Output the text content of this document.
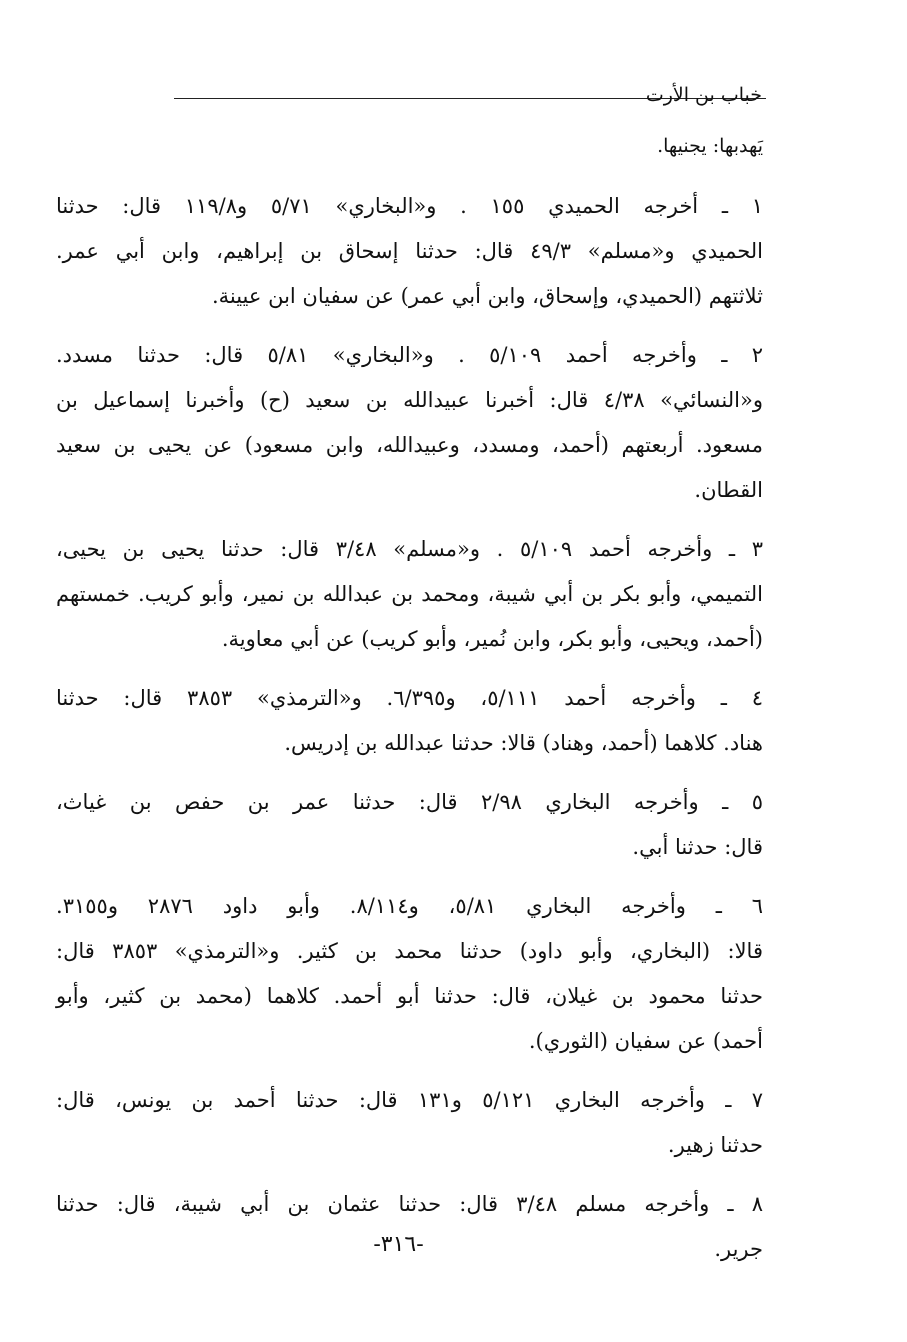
خباب بن الأرت
يَهدبها: يجنيها.
١ ـ أخرجه الحميدي ١٥٥ . و«البخاري» ٥/٧١ و١١٩/٨ قال: حدثنا
الحميدي و«مسلم» ٤٩/٣ قال: حدثنا إسحاق بن إبراهيم، وابن أبي عمر.
ثلاثتهم (الحميدي، وإسحاق، وابن أبي عمر) عن سفيان ابن عيينة.
٢ ـ وأخرجه أحمد ٥/١٠٩ . و«البخاري» ٥/٨١ قال: حدثنا مسدد.
و«النسائي» ٤/٣٨ قال: أخبرنا عبيدالله بن سعيد (ح) وأخبرنا إسماعيل بن
مسعود. أربعتهم (أحمد، ومسدد، وعبيدالله، وابن مسعود) عن يحيى بن سعيد
القطان.
٣ ـ وأخرجه أحمد ٥/١٠٩ . و«مسلم» ٣/٤٨ قال: حدثنا يحيى بن يحيى،
التميمي، وأبو بكر بن أبي شيبة، ومحمد بن عبدالله بن نمير، وأبو كريب. خمستهم
(أحمد، ويحيى، وأبو بكر، وابن نُمير، وأبو كريب) عن أبي معاوية.
٤ ـ وأخرجه أحمد ٥/١١١، و٦/٣٩٥. و«الترمذي» ٣٨٥٣ قال: حدثنا
هناد. كلاهما (أحمد، وهناد) قالا: حدثنا عبدالله بن إدريس.
٥ ـ وأخرجه البخاري ٢/٩٨ قال: حدثنا عمر بن حفص بن غياث،
قال: حدثنا أبي.
٦ ـ وأخرجه البخاري ٥/٨١، و٨/١١٤. وأبو داود ٢٨٧٦ و٣١٥٥.
قالا: (البخاري، وأبو داود) حدثنا محمد بن كثير. و«الترمذي» ٣٨٥٣ قال:
حدثنا محمود بن غيلان، قال: حدثنا أبو أحمد. كلاهما (محمد بن كثير، وأبو
أحمد) عن سفيان (الثوري).
٧ ـ وأخرجه البخاري ٥/١٢١ و١٣١ قال: حدثنا أحمد بن يونس، قال:
حدثنا زهير.
٨ ـ وأخرجه مسلم ٣/٤٨ قال: حدثنا عثمان بن أبي شيبة، قال: حدثنا
جرير.
-٣١٦-
